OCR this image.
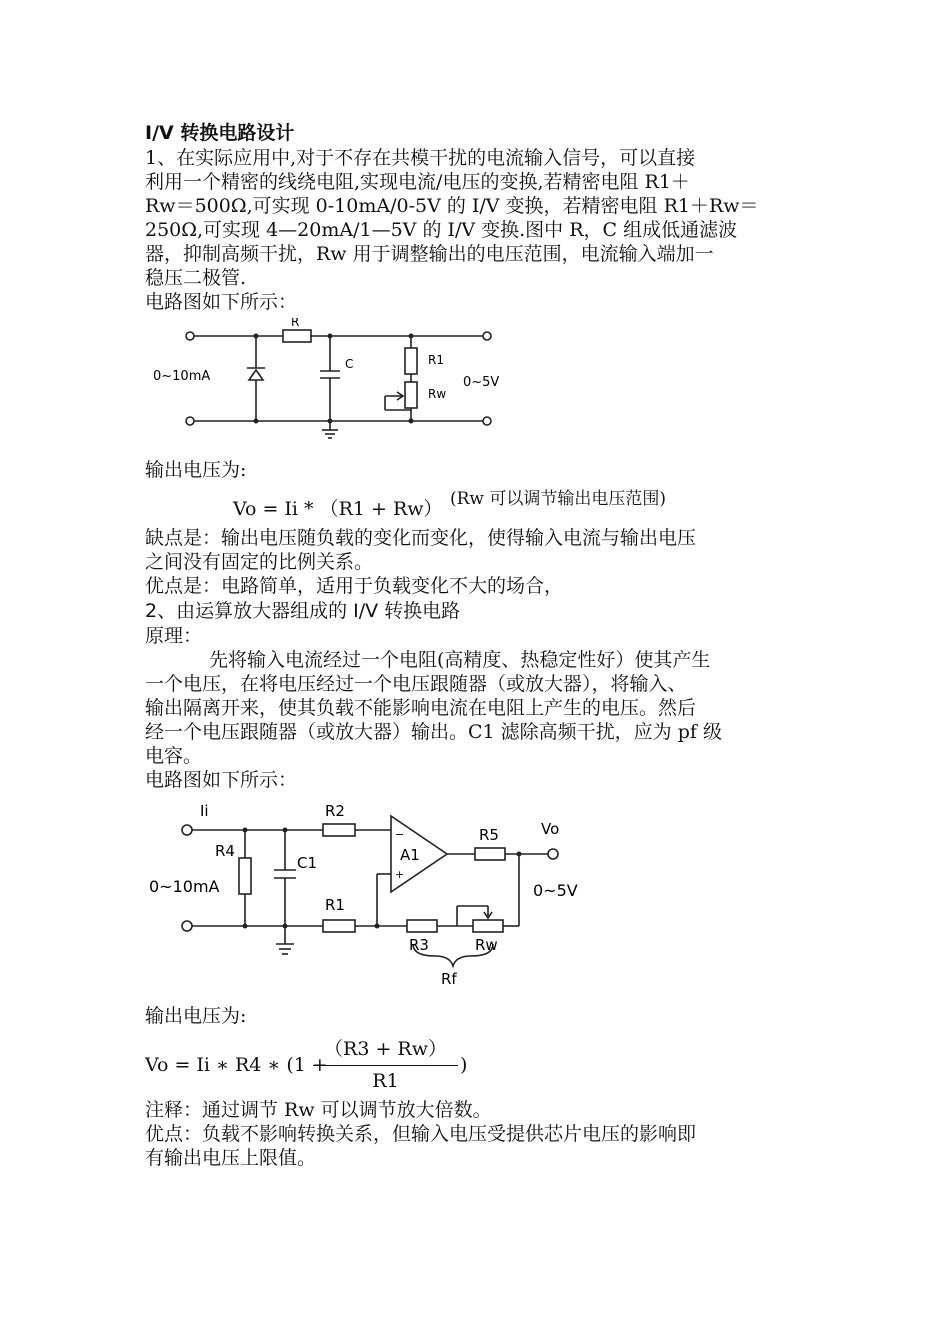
I/V 转换电路设计
1、在实际应用中,对于不存在共模干扰的电流输入信号，可以直接
利用一个精密的线绕电阻,实现电流/电压的变换,若精密电阻 R1＋
Rw＝500Ω,可实现 0-10mA/0-5V 的 I/V 变换，若精密电阻 R1＋Rw＝
250Ω,可实现 4—20mA/1—5V 的 I/V 变换.图中 R，C 组成低通滤波
器，抑制高频干扰，Rw 用于调整输出的电压范围，电流输入端加一
稳压二极管.
电路图如下所示：
R
C	R1
Rw
0~10mA	0~5V
输出电压为:
Vo = Ii * （R1 + Rw） (Rw 可以调节输出电压范围)
缺点是：输出电压随负载的变化而变化，使得输入电流与输出电压
之间没有固定的比例关系。
优点是：电路简单，适用于负载变化不大的场合，
2、由运算放大器组成的 I/V 转换电路
原理：
先将输入电流经过一个电阻(高精度、热稳定性好）使其产生
一个电压，在将电压经过一个电压跟随器（或放大器），将输入、
输出隔离开来，使其负载不能影响电流在电阻上产生的电压。然后
经一个电压跟随器（或放大器）输出。C1 滤除高频干扰，应为 pf 级
电容。
电路图如下所示：
−
+
Ii
R4
C1
R2
R1
A1
R5	Vo
0~5V
0~10mA
R3	Rw
Rf
输出电压为:
Vo = Ii ∗ R4 ∗ (1 +
$\frac{(R3 + Rw)}{R1}$ )
注释：通过调节 Rw 可以调节放大倍数。
优点：负载不影响转换关系，但输入电压受提供芯片电压的影响即
有输出电压上限值。
